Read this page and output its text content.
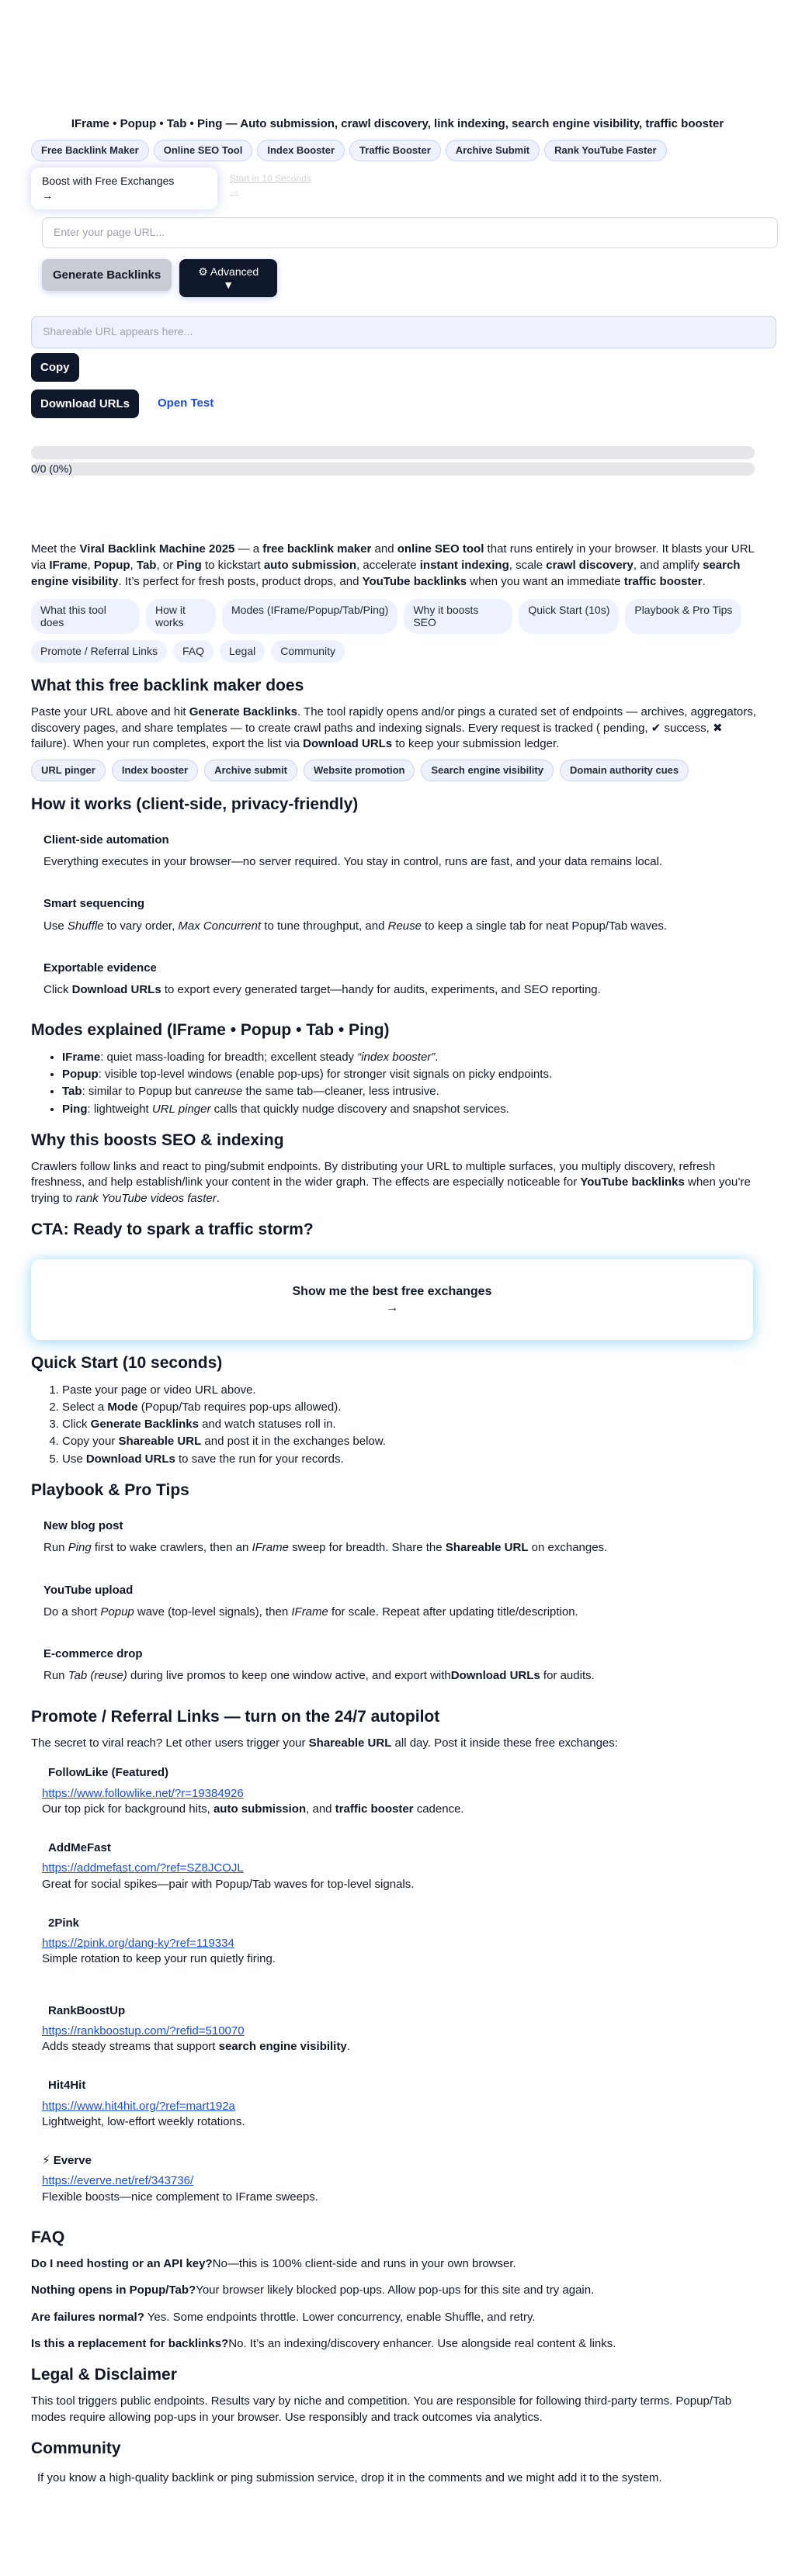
IFrame • Popup • Tab • Ping — Auto submission, crawl discovery, link indexing, search engine visibility, traffic booster
Free Backlink Maker	Online SEO Tool	Index Booster	Traffic Booster	Archive Submit	Rank YouTube Faster
Boost with Free Exchanges
→
Start in 10 Seconds
→
Enter your page URL...
Generate Backlinks	⚙ Advanced
▼
Shareable URL appears here...
Copy
Download URLs	Open Test
0/0 (0%)
Meet the Viral Backlink Machine 2025 — a free backlink maker and online SEO tool that runs entirely in your browser. It blasts your URL via IFrame, Popup, Tab, or Ping to kickstart auto submission, accelerate instant indexing, scale crawl discovery, and amplify search engine visibility. It’s perfect for fresh posts, product drops, and YouTube backlinks when you want an immediate traffic booster.
What this tool does
How it works
Modes (IFrame/Popup/Tab/Ping)	Why it boosts SEO
Quick Start (10s)	Playbook & Pro Tips
Promote / Referral Links	FAQ	Legal	Community
What this free backlink maker does

Paste your URL above and hit Generate Backlinks. The tool rapidly opens and/or pings a curated set of endpoints — archives, aggregators, discovery pages, and share templates — to create crawl paths and indexing signals. Every request is tracked ( pending, ✔ success, ✖ failure). When your run completes, export the list via Download URLs to keep your submission ledger.

URL pinger	Index booster	Archive submit	Website promotion	Search engine visibility	Domain authority cues
How it works (client-side, privacy-friendly)
Client-side automation

Everything executes in your browser—no server required. You stay in control, runs are fast, and your data remains local.

Smart sequencing

Use Shuffle to vary order, Max Concurrent to tune throughput, and Reuse to keep a single tab for neat Popup/Tab waves.

Exportable evidence

Click Download URLs to export every generated target—handy for audits, experiments, and SEO reporting.

Modes explained (IFrame • Popup • Tab • Ping)
• IFrame: quiet mass-loading for breadth; excellent steady “index booster”.
• Popup: visible top-level windows (enable pop-ups) for stronger visit signals on picky endpoints.
• Tab: similar to Popup but canreuse the same tab—cleaner, less intrusive.
• Ping: lightweight URL pinger calls that quickly nudge discovery and snapshot services.
Why this boosts SEO & indexing

Crawlers follow links and react to ping/submit endpoints. By distributing your URL to multiple surfaces, you multiply discovery, refresh freshness, and help establish/link your content in the wider graph. The effects are especially noticeable for YouTube backlinks when you’re trying to rank YouTube videos faster.

CTA: Ready to spark a traffic storm?
Show me the best free exchanges
→
Quick Start (10 seconds)
1. Paste your page or video URL above.
2. Select a Mode (Popup/Tab requires pop-ups allowed).
3. Click Generate Backlinks and watch statuses roll in.
4. Copy your Shareable URL and post it in the exchanges below.
5. Use Download URLs to save the run for your records.
Playbook & Pro Tips
New blog post

Run Ping first to wake crawlers, then an IFrame sweep for breadth. Share the Shareable URL on exchanges.

YouTube upload

Do a short Popup wave (top-level signals), then IFrame for scale. Repeat after updating title/description.

E-commerce drop

Run Tab (reuse) during live promos to keep one window active, and export withDownload URLs for audits.

Promote / Referral Links — turn on the 24/7 autopilot

The secret to viral reach? Let other users trigger your Shareable URL all day. Post it inside these free exchanges:

FollowLike (Featured)
https://www.followlike.net/?r=19384926

Our top pick for background hits, auto submission, and traffic booster cadence.

AddMeFast
https://addmefast.com/?ref=SZ8JCOJL

Great for social spikes—pair with Popup/Tab waves for top-level signals.

2Pink
https://2pink.org/dang-ky?ref=119334

Simple rotation to keep your run quietly firing.

RankBoostUp
https://rankboostup.com/?refid=510070

Adds steady streams that support search engine visibility.

Hit4Hit
https://www.hit4hit.org/?ref=mart192a

Lightweight, low-effort weekly rotations.

⚡ Everve
https://everve.net/ref/343736/

Flexible boosts—nice complement to IFrame sweeps.

FAQ

Do I need hosting or an API key?No—this is 100% client-side and runs in your own browser.

Nothing opens in Popup/Tab?Your browser likely blocked pop-ups. Allow pop-ups for this site and try again.

Are failures normal? Yes. Some endpoints throttle. Lower concurrency, enable Shuffle, and retry.

Is this a replacement for backlinks?No. It’s an indexing/discovery enhancer. Use alongside real content & links.

Legal & Disclaimer

This tool triggers public endpoints. Results vary by niche and competition. You are responsible for following third-party terms. Popup/Tab modes require allowing pop-ups in your browser. Use responsibly and track outcomes via analytics.

Community

If you know a high-quality backlink or ping submission service, drop it in the comments and we might add it to the system.
